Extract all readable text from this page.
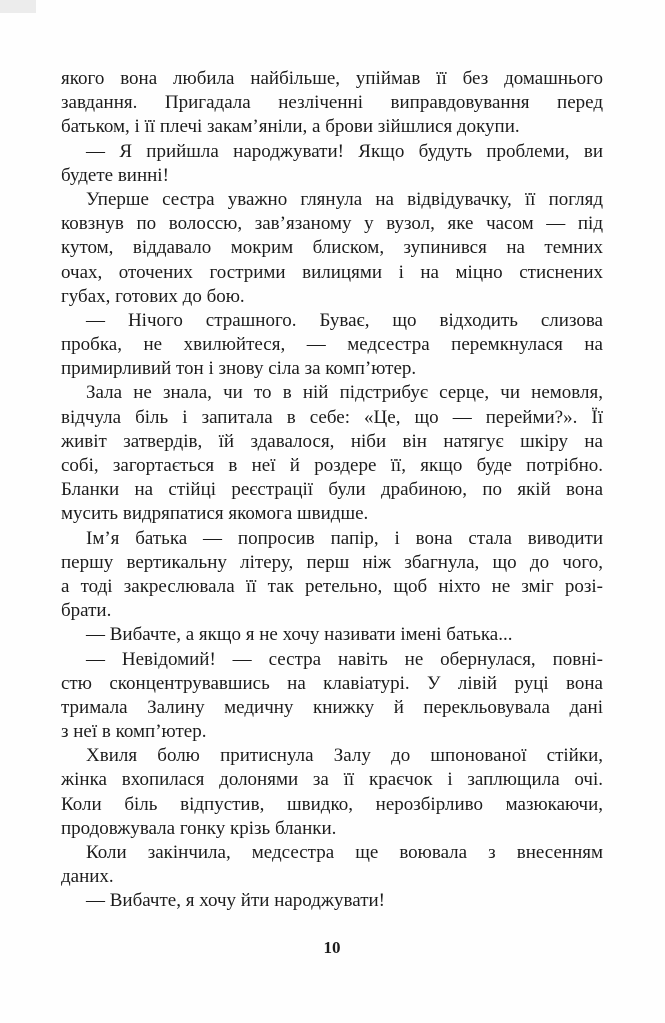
якого вона любила найбільше, упіймав її без домашнього
завдання. Пригадала незліченні виправдовування перед
батьком, і її плечі закам’яніли, а брови зійшлися докупи.
— Я прийшла народжувати! Якщо будуть проблеми, ви
будете винні!
Уперше сестра уважно глянула на відвідувачку, її погляд
ковзнув по волоссю, зав’язаному у вузол, яке часом — під
кутом, віддавало мокрим блиском, зупинився на темних
очах, оточених гострими вилицями і на міцно стиснених
губах, готових до бою.
— Нічого страшного. Буває, що відходить слизова
пробка, не хвилюйтеся, — медсестра перемкнулася на
примирливий тон і знову сіла за комп’ютер.
Зала не знала, чи то в ній підстрибує серце, чи немовля,
відчула біль і запитала в себе: «Це, що — перейми?». Її
живіт затвердів, їй здавалося, ніби він натягує шкіру на
собі, загортається в неї й роздере її, якщо буде потрібно.
Бланки на стійці реєстрації були драбиною, по якій вона
мусить видряпатися якомога швидше.
Ім’я батька — попросив папір, і вона стала виводити
першу вертикальну літеру, перш ніж збагнула, що до чого,
а тоді закреслювала її так ретельно, щоб ніхто не зміг розі-
брати.
— Вибачте, а якщо я не хочу називати імені батька...
— Невідомий! — сестра навіть не обернулася, повні-
стю сконцентрувавшись на клавіатурі. У лівій руці вона
тримала Залину медичну книжку й перекльовувала дані
з неї в комп’ютер.
Хвиля болю притиснула Залу до шпонованої стійки,
жінка вхопилася долонями за її краєчок і заплющила очі.
Коли біль відпустив, швидко, нерозбірливо мазюкаючи,
продовжувала гонку крізь бланки.
Коли закінчила, медсестра ще воювала з внесенням
даних.
— Вибачте, я хочу йти народжувати!
10
